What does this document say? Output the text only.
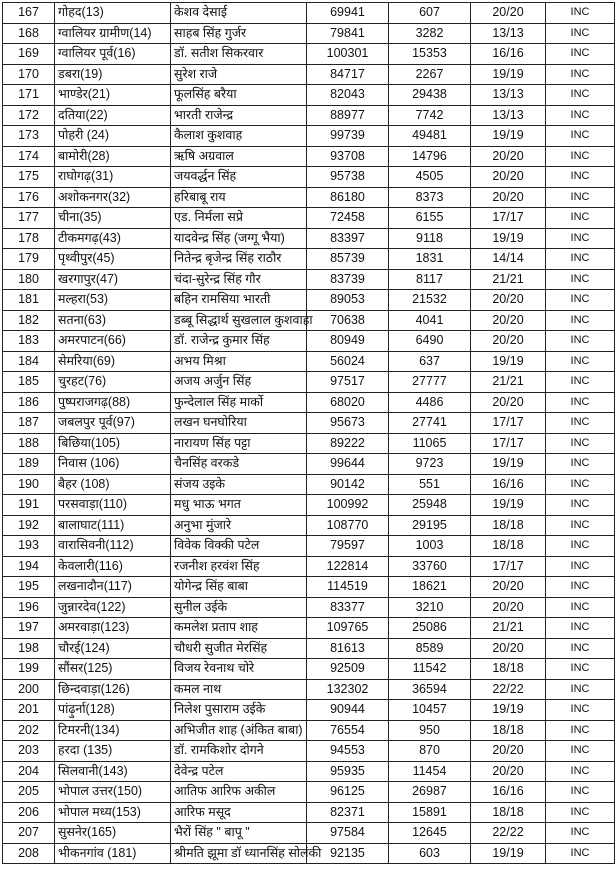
167	गोहद(13)	केशव देसाई	69941	607	20/20	INC
168	ग्वालियर ग्रामीण(14)	साहब सिंह गुर्जर	79841	3282	13/13	INC
169	ग्वालियर पूर्व(16)	डॉ. सतीश सिकरवार	100301	15353	16/16	INC
170	डबरा(19)	सुरेश राजे	84717	2267	19/19	INC
171	भाण्डेर(21)	फूलसिंह बरैया	82043	29438	13/13	INC
172	दतिया(22)	भारती राजेन्द्र	88977	7742	13/13	INC
173	पोहरी (24)	कैलाश कुशवाह	99739	49481	19/19	INC
174	बामोरी(28)	ऋषि अग्रवाल	93708	14796	20/20	INC
175	राघोगढ़(31)	जयवर्द्धन सिंह	95738	4505	20/20	INC
176	अशोकनगर(32)	हरिबाबू राय	86180	8373	20/20	INC
177	चीना(35)	एड. निर्मला सप्रे	72458	6155	17/17	INC
178	टीकमगढ़(43)	यादवेन्द्र सिंह (जग्गू भैया)	83397	9118	19/19	INC
179	पृथ्वीपुर(45)	नितेन्द्र बृजेन्द्र सिंह राठौर	85739	1831	14/14	INC
180	खरगापुर(47)	चंदा-सुरेन्द्र सिंह गौर	83739	8117	21/21	INC
181	मल्हरा(53)	बहिन रामसिया भारती	89053	21532	20/20	INC
182	सतना(63)	डब्बू सिद्धार्थ सुखलाल कुशवाहा	70638	4041	20/20	INC
183	अमरपाटन(66)	डॉ. राजेन्द्र कुमार सिंह	80949	6490	20/20	INC
184	सेमरिया(69)	अभय मिश्रा	56024	637	19/19	INC
185	चुरहट(76)	अजय अर्जुन सिंह	97517	27777	21/21	INC
186	पुष्पराजगढ़(88)	फुन्देलाल सिंह मार्को	68020	4486	20/20	INC
187	जबलपुर पूर्व(97)	लखन घनघोरिया	95673	27741	17/17	INC
188	बिछिया(105)	नारायण सिंह पट्टा	89222	11065	17/17	INC
189	निवास (106)	चैनसिंह वरकडे	99644	9723	19/19	INC
190	बैहर (108)	संजय उइके	90142	551	16/16	INC
191	परसवाड़ा(110)	मधु भाऊ भगत	100992	25948	19/19	INC
192	बालाघाट(111)	अनुभा मुंजारे	108770	29195	18/18	INC
193	वारासिवनी(112)	विवेक विक्की पटेल	79597	1003	18/18	INC
194	केवलारी(116)	रजनीश हरवंश सिंह	122814	33760	17/17	INC
195	लखनादौन(117)	योगेन्द्र सिंह बाबा	114519	18621	20/20	INC
196	जुन्नारदेव(122)	सुनील उईके	83377	3210	20/20	INC
197	अमरवाड़ा(123)	कमलेश प्रताप शाह	109765	25086	21/21	INC
198	चौरई(124)	चौधरी सुजीत मेरसिंह	81613	8589	20/20	INC
199	सौंसर(125)	विजय रेवनाथ चोरे	92509	11542	18/18	INC
200	छिन्दवाड़ा(126)	कमल नाथ	132302	36594	22/22	INC
201	पांढ़ुर्ना(128)	निलेश पुसाराम उईके	90944	10457	19/19	INC
202	टिमरनी(134)	अभिजीत शाह (अंकित बाबा)	76554	950	18/18	INC
203	हरदा (135)	डॉ. रामकिशोर दोगने	94553	870	20/20	INC
204	सिलवानी(143)	देवेन्द्र पटेल	95935	11454	20/20	INC
205	भोपाल उत्तर(150)	आतिफ आरिफ अकील	96125	26987	16/16	INC
206	भोपाल मध्य(153)	आरिफ मसूद	82371	15891	18/18	INC
207	सुसनेर(165)	भैरों सिंह " बापू "	97584	12645	22/22	INC
208	भीकनगांव (181)	श्रीमति झूमा डॉ ध्यानसिंह सोलंकी	92135	603	19/19	INC
